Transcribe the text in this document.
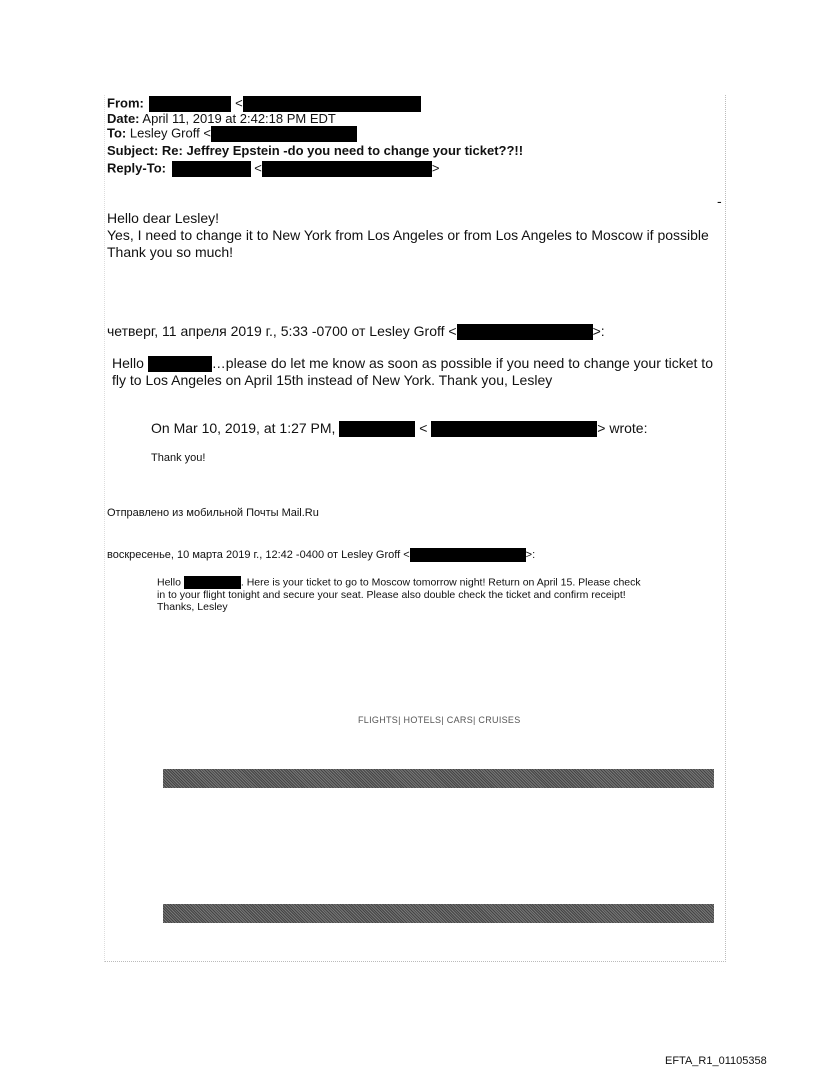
From:	<
Date: April 11, 2019 at 2:42:18 PM EDT
To: Lesley Groff <
Subject: Re: Jeffrey Epstein -do you need to change your ticket??!!
Reply-To:	<	>
-
Hello dear Lesley!
Yes, I need to change it to New York from Los Angeles or from Los Angeles to Moscow if possible
Thank you so much!
четверг, 11 апреля 2019 г., 5:33 -0700 от Lesley Groff <	>:
Hello	…please do let me know as soon as possible if you need to change your ticket to
fly to Los Angeles on April 15th instead of New York. Thank you, Lesley
On Mar 10, 2019, at 1:27 PM,	<	> wrote:
Thank you!
Отправлено из мобильной Почты Mail.Ru
воскресенье, 10 марта 2019 г., 12:42 -0400 от Lesley Groff <	>:
Hello	. Here is your ticket to go to Moscow tomorrow night! Return on April 15. Please check
in to your flight tonight and secure your seat. Please also double check the ticket and confirm receipt!
Thanks, Lesley
FLIGHTS| HOTELS| CARS| CRUISES
EFTA_R1_01105358
